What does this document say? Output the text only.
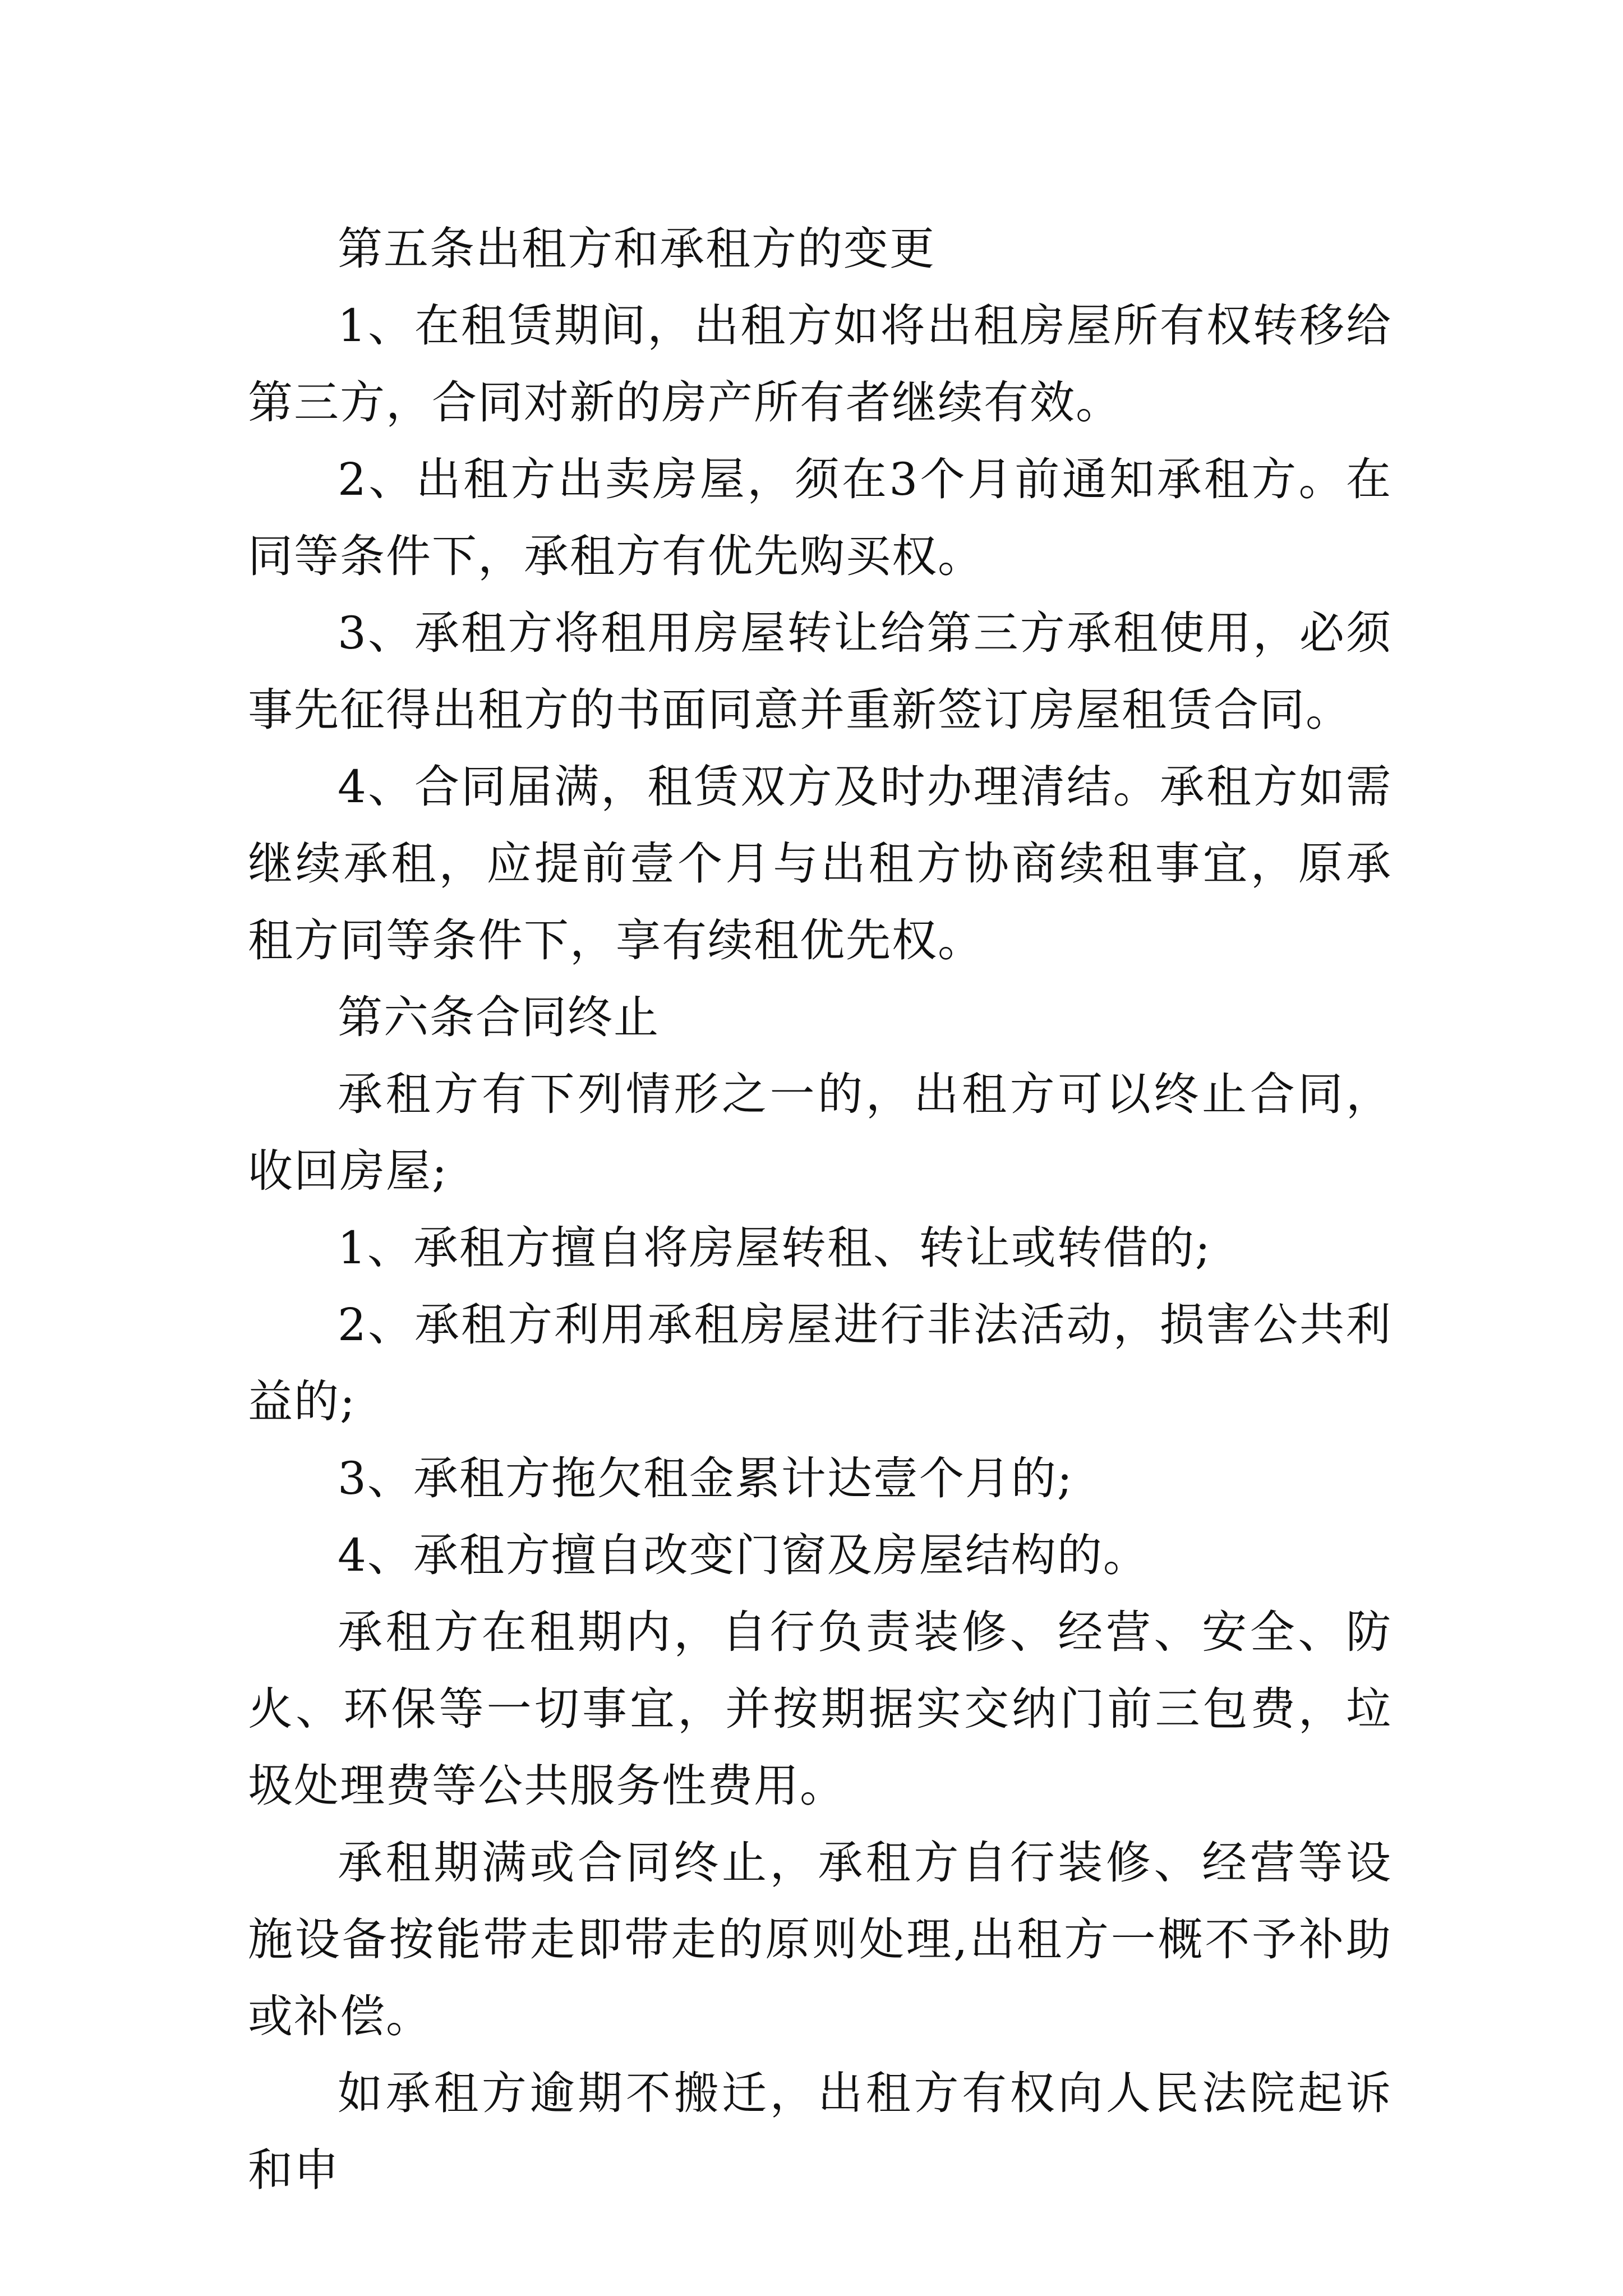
第五条出租方和承租方的变更

1、在租赁期间，出租方如将出租房屋所有权转移给第三方，合同对新的房产所有者继续有效。

2、出租方出卖房屋，须在3个月前通知承租方。在同等条件下，承租方有优先购买权。

3、承租方将租用房屋转让给第三方承租使用，必须事先征得出租方的书面同意并重新签订房屋租赁合同。

4、合同届满，租赁双方及时办理清结。承租方如需继续承租，应提前壹个月与出租方协商续租事宜，原承租方同等条件下，享有续租优先权。

第六条合同终止

承租方有下列情形之一的，出租方可以终止合同，收回房屋;

1、承租方擅自将房屋转租、转让或转借的;

2、承租方利用承租房屋进行非法活动，损害公共利益的;

3、承租方拖欠租金累计达壹个月的;

4、承租方擅自改变门窗及房屋结构的。

承租方在租期内，自行负责装修、经营、安全、防火、环保等一切事宜，并按期据实交纳门前三包费，垃圾处理费等公共服务性费用。

承租期满或合同终止，承租方自行装修、经营等设施设备按能带走即带走的原则处理,出租方一概不予补助或补偿。

如承租方逾期不搬迁，出租方有权向人民法院起诉和申
